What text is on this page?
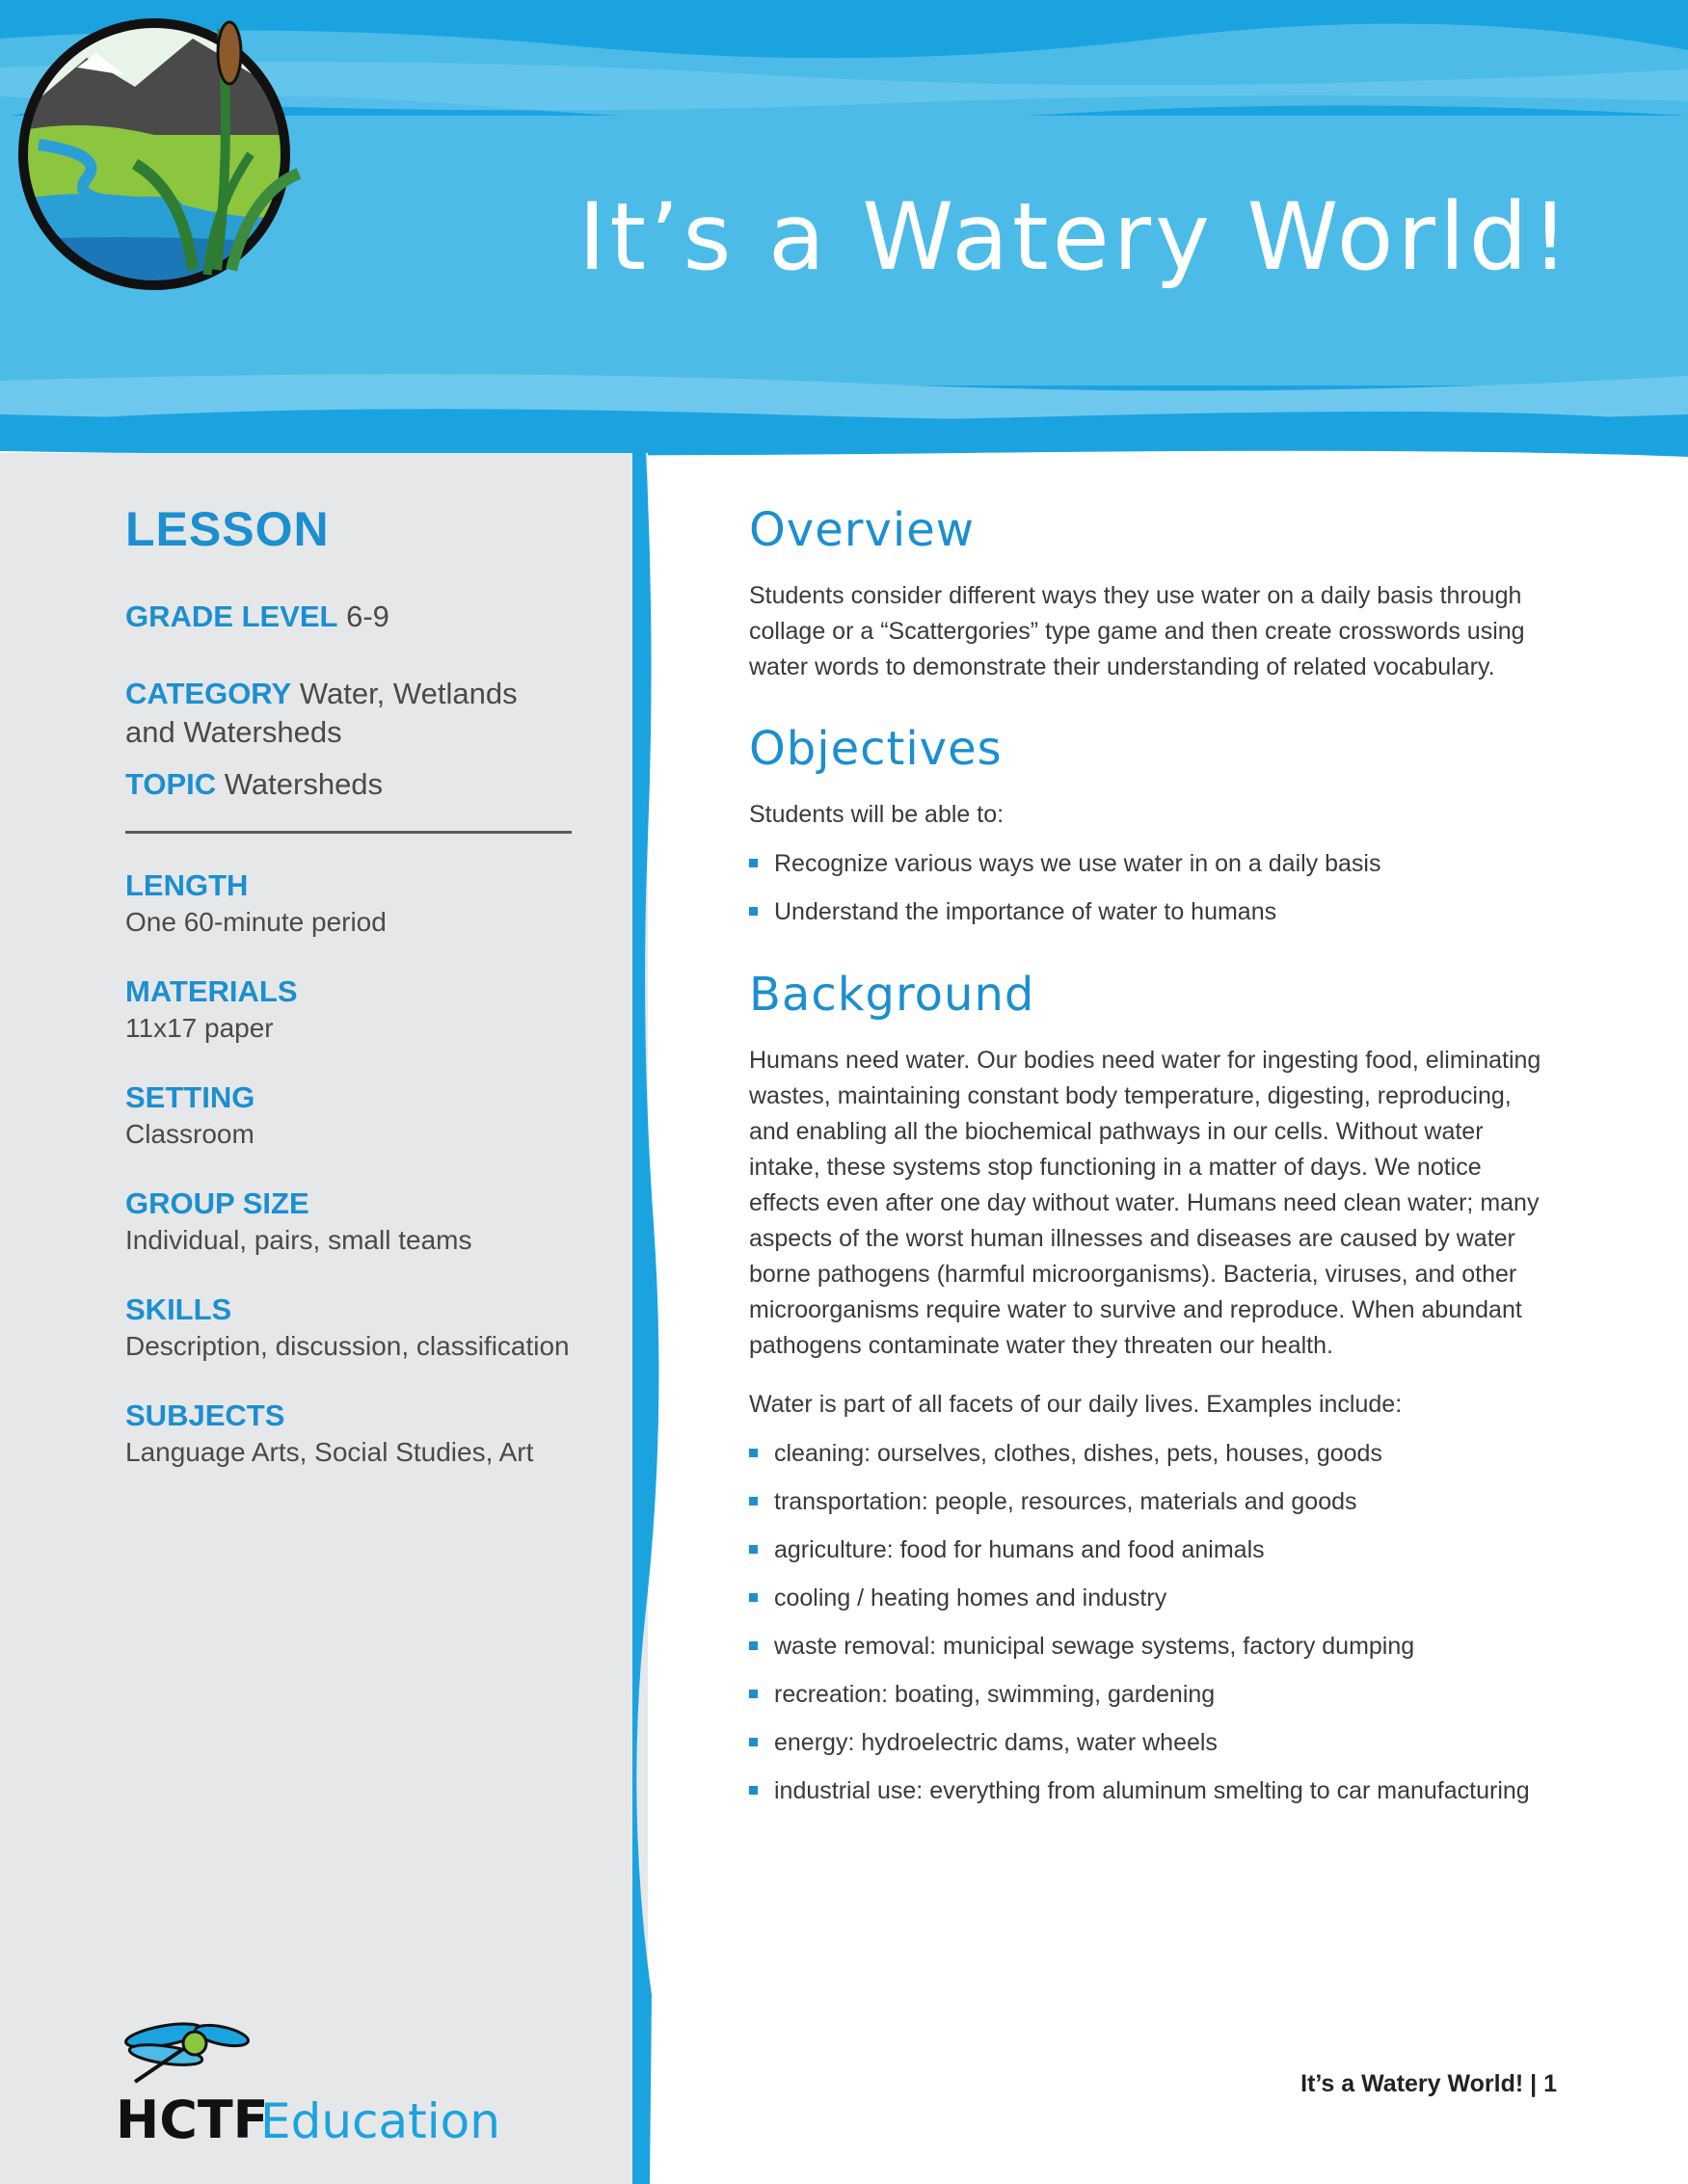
It’s a Watery World!
LESSON
GRADE LEVEL 6-9
CATEGORY Water, Wetlands
and Watersheds
TOPIC Watersheds
LENGTH
One 60-minute period
MATERIALS
11x17 paper
SETTING
Classroom
GROUP SIZE
Individual, pairs, small teams
SKILLS
Description, discussion, classification
SUBJECTS
Language Arts, Social Studies, Art
HCTF
Education
Overview
Students consider different ways they use water on a daily basis through
collage or a “Scattergories” type game and then create crosswords using
water words to demonstrate their understanding of related vocabulary.
Objectives
Students will be able to:
Recognize various ways we use water in on a daily basis
Understand the importance of water to humans
Background
Humans need water. Our bodies need water for ingesting food, eliminating
wastes, maintaining constant body temperature, digesting, reproducing,
and enabling all the biochemical pathways in our cells. Without water
intake, these systems stop functioning in a matter of days. We notice
effects even after one day without water. Humans need clean water; many
aspects of the worst human illnesses and diseases are caused by water
borne pathogens (harmful microorganisms). Bacteria, viruses, and other
microorganisms require water to survive and reproduce. When abundant
pathogens contaminate water they threaten our health.
Water is part of all facets of our daily lives. Examples include:
cleaning: ourselves, clothes, dishes, pets, houses, goods
transportation: people, resources, materials and goods
agriculture: food for humans and food animals
cooling / heating homes and industry
waste removal: municipal sewage systems, factory dumping
recreation: boating, swimming, gardening
energy: hydroelectric dams, water wheels
industrial use: everything from aluminum smelting to car manufacturing
It’s a Watery World! | 1
